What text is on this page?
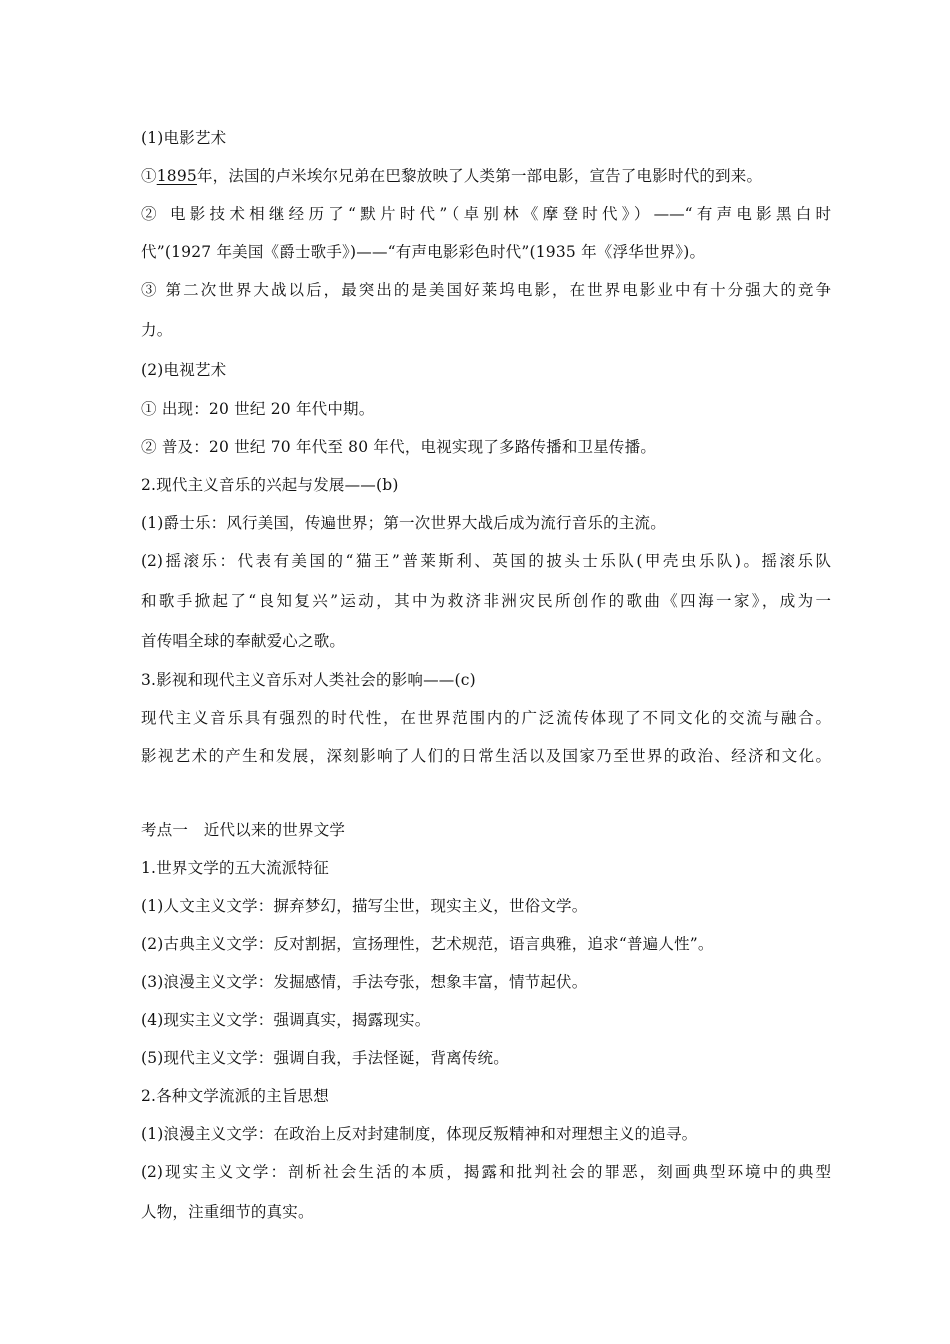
(1)电影艺术
①1895年，法国的卢米埃尔兄弟在巴黎放映了人类第一部电影，宣告了电影时代的到来。
② 电影技术相继经历了“默片时代”（卓别林《摩登时代》）——“有声电影黑白时
代”(1927 年美国《爵士歌手》)——“有声电影彩色时代”(1935 年《浮华世界》)。
③ 第二次世界大战以后，最突出的是美国好莱坞电影，在世界电影业中有十分强大的竞争
力。
(2)电视艺术
① 出现：20 世纪 20 年代中期。
② 普及：20 世纪 70 年代至 80 年代，电视实现了多路传播和卫星传播。
2.现代主义音乐的兴起与发展——(b)
(1)爵士乐：风行美国，传遍世界；第一次世界大战后成为流行音乐的主流。
(2)摇滚乐：代表有美国的“猫王”普莱斯利、英国的披头士乐队(甲壳虫乐队)。摇滚乐队
和歌手掀起了“良知复兴”运动，其中为救济非洲灾民所创作的歌曲《四海一家》，成为一
首传唱全球的奉献爱心之歌。
3.影视和现代主义音乐对人类社会的影响——(c)
现代主义音乐具有强烈的时代性，在世界范围内的广泛流传体现了不同文化的交流与融合。
影视艺术的产生和发展，深刻影响了人们的日常生活以及国家乃至世界的政治、经济和文化。
考点一　近代以来的世界文学
1.世界文学的五大流派特征
(1)人文主义文学：摒弃梦幻，描写尘世，现实主义，世俗文学。
(2)古典主义文学：反对割据，宣扬理性，艺术规范，语言典雅，追求“普遍人性”。
(3)浪漫主义文学：发掘感情，手法夸张，想象丰富，情节起伏。
(4)现实主义文学：强调真实，揭露现实。
(5)现代主义文学：强调自我，手法怪诞，背离传统。
2.各种文学流派的主旨思想
(1)浪漫主义文学：在政治上反对封建制度，体现反叛精神和对理想主义的追寻。
(2)现实主义文学：剖析社会生活的本质，揭露和批判社会的罪恶，刻画典型环境中的典型
人物，注重细节的真实。
